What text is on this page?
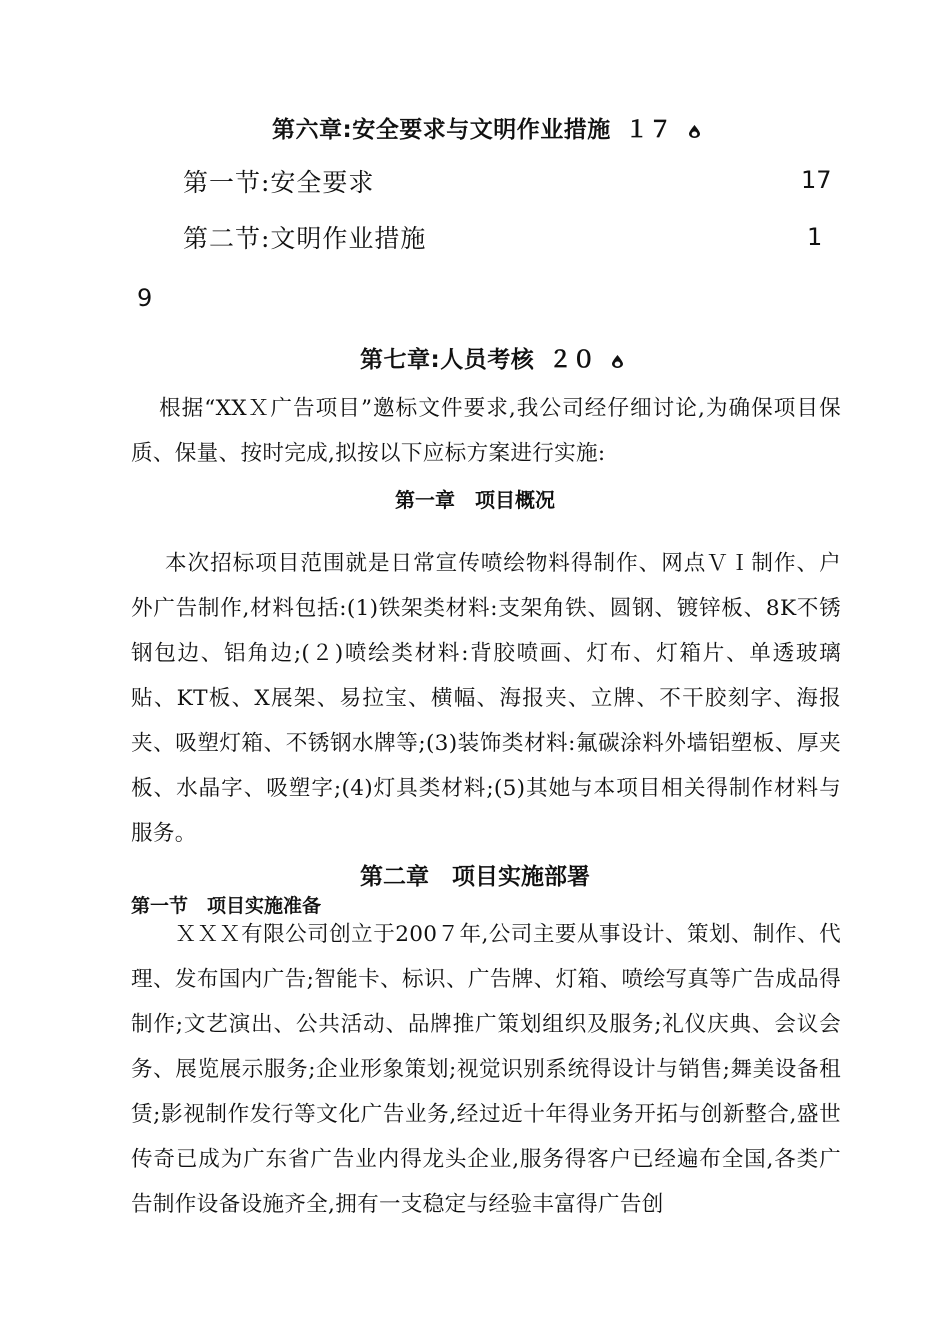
第六章:安全要求与文明作业措施 １７
第一节:安全要求	17
第二节:文明作业措施	1
9
第七章:人员考核 ２０
根据“XXＸ广告项目”邀标文件要求,我公司经仔细讨论,为确保项目保质、保量、按时完成,拟按以下应标方案进行实施:
第一章　项目概况
本次招标项目范围就是日常宣传喷绘物料得制作、网点ＶＩ制作、户外广告制作,材料包括:(1)铁架类材料:支架角铁、圆钢、镀锌板、8K不锈钢包边、铝角边;(２)喷绘类材料:背胶喷画、灯布、灯箱片、单透玻璃贴、KT板、X展架、易拉宝、横幅、海报夹、立牌、不干胶刻字、海报夹、吸塑灯箱、不锈钢水牌等;(3)装饰类材料:氟碳涂料外墙铝塑板、厚夹板、水晶字、吸塑字;(4)灯具类材料;(5)其她与本项目相关得制作材料与服务。
第二章　项目实施部署
第一节　项目实施准备
ＸＸＸ有限公司创立于200７年,公司主要从事设计、策划、制作、代理、发布国内广告;智能卡、标识、广告牌、灯箱、喷绘写真等广告成品得制作;文艺演出、公共活动、品牌推广策划组织及服务;礼仪庆典、会议会务、展览展示服务;企业形象策划;视觉识别系统得设计与销售;舞美设备租赁;影视制作发行等文化广告业务,经过近十年得业务开拓与创新整合,盛世传奇已成为广东省广告业内得龙头企业,服务得客户已经遍布全国,各类广告制作设备设施齐全,拥有一支稳定与经验丰富得广告创
